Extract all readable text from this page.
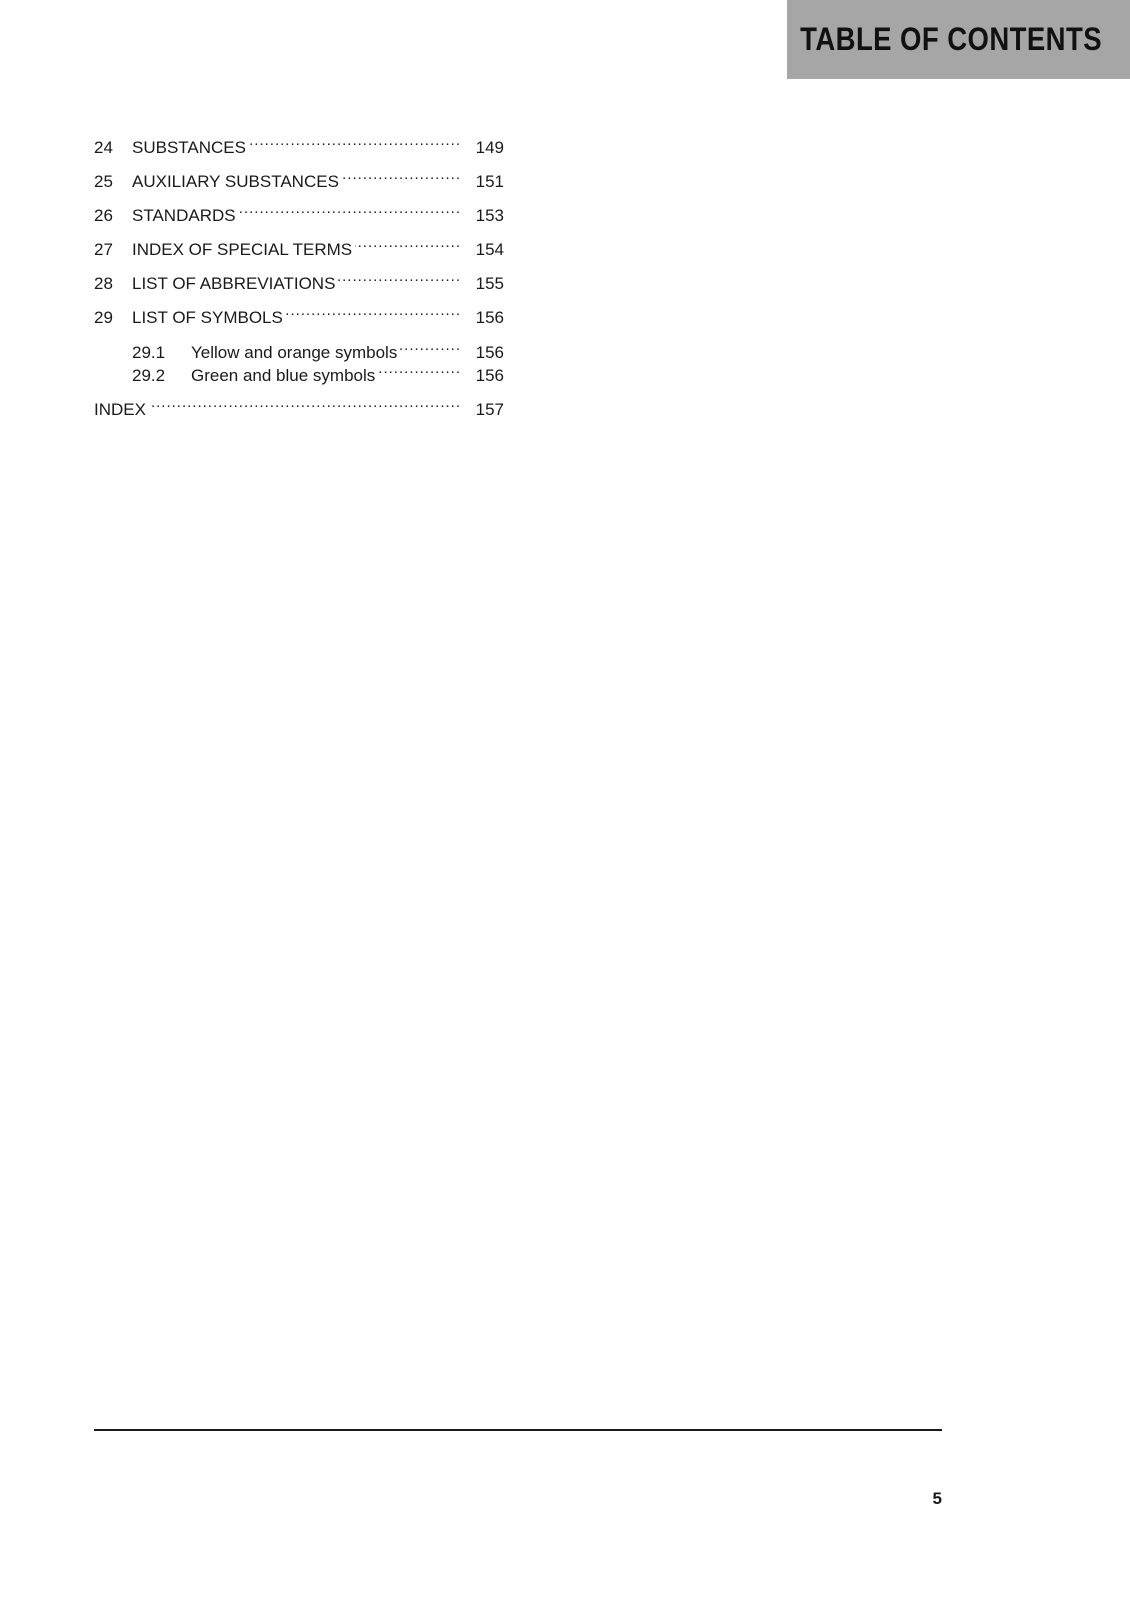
TABLE OF CONTENTS
24	SUBSTANCES .....	149
25	AUXILIARY SUBSTANCES .....	151
26	STANDARDS .....	153
27	INDEX OF SPECIAL TERMS .....	154
28	LIST OF ABBREVIATIONS .....	155
29	LIST OF SYMBOLS .....	156
29.1	Yellow and orange symbols .....	156
29.2	Green and blue symbols .....	156
INDEX .....	157
5
